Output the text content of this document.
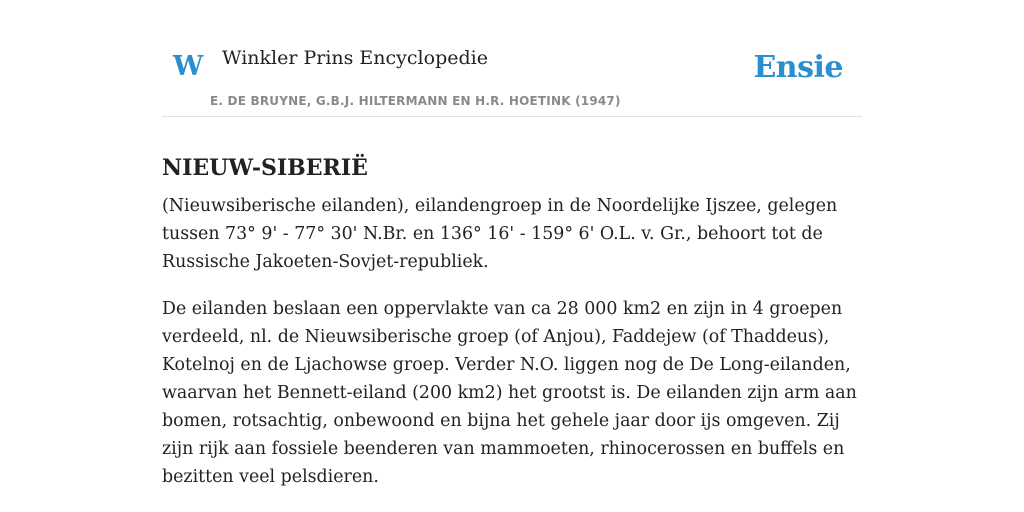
W Winkler Prins Encyclopedie
E. DE BRUYNE, G.B.J. HILTERMANN EN H.R. HOETINK (1947)
Ensie
NIEUW-SIBERIË

(Nieuwsiberische eilanden), eilandengroep in de Noordelijke Ijszee, gelegen tussen 73° 9' - 77° 30' N.Br. en 136° 16' - 159° 6' O.L. v. Gr., behoort tot de Russische Jakoeten-Sovjet-republiek.

De eilanden beslaan een oppervlakte van ca 28 000 km2 en zijn in 4 groepen verdeeld, nl. de Nieuwsiberische groep (of Anjou), Faddejew (of Thaddeus), Kotelnoj en de Ljachowse groep. Verder N.O. liggen nog de De Long-eilanden, waarvan het Bennett-eiland (200 km2) het grootst is. De eilanden zijn arm aan bomen, rotsachtig, onbewoond en bijna het gehele jaar door ijs omgeven. Zij zijn rijk aan fossiele beenderen van mammoeten, rhinocerossen en buffels en bezitten veel pelsdieren.
